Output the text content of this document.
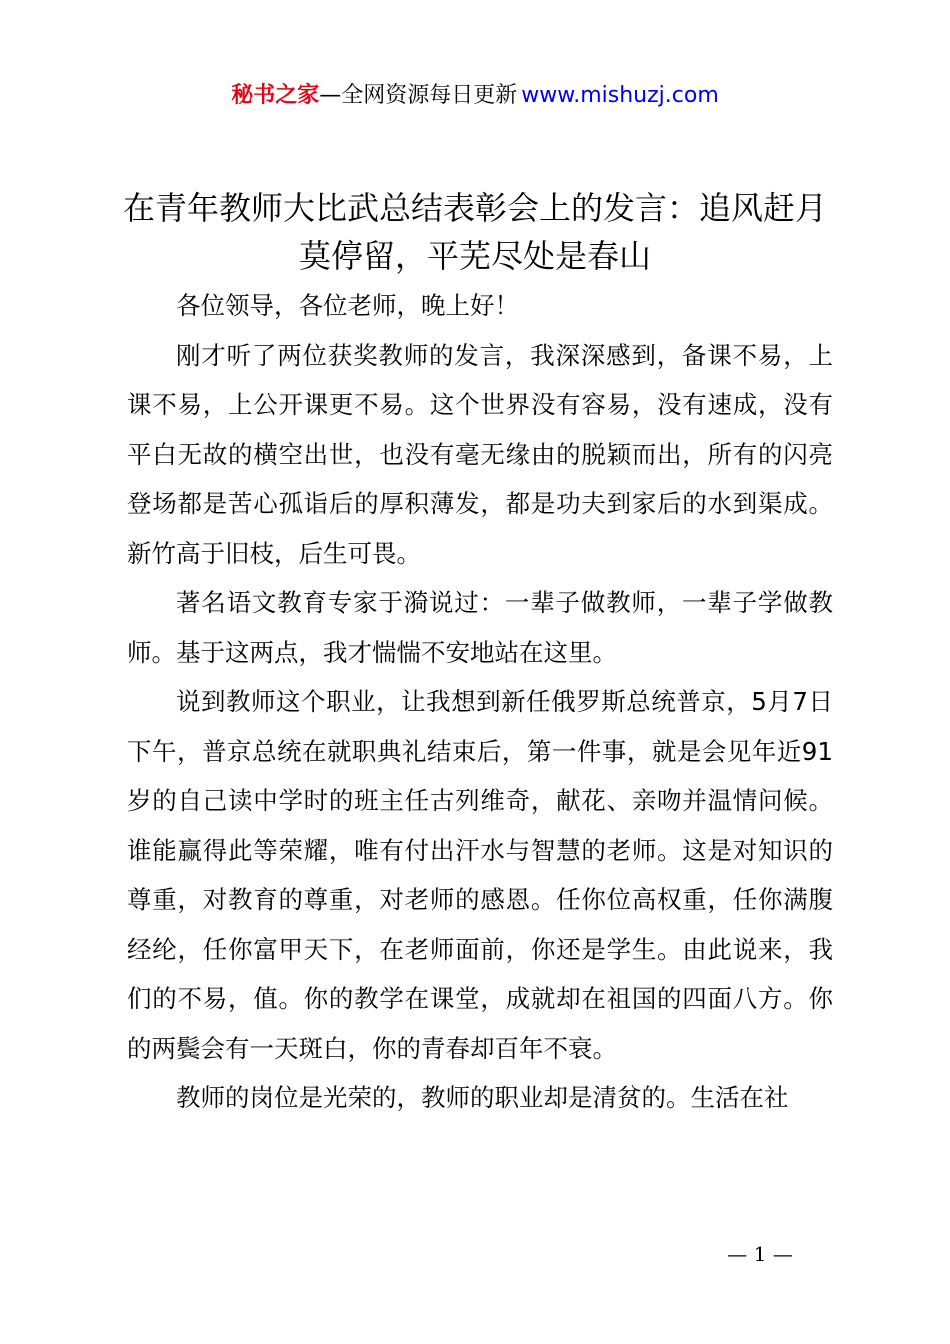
秘书之家—全网资源每日更新 www.mishuzj.com
在青年教师大比武总结表彰会上的发言：追风赶月莫停留，平芜尽处是春山

各位领导，各位老师，晚上好！

刚才听了两位获奖教师的发言，我深深感到，备课不易，上课不易，上公开课更不易。这个世界没有容易，没有速成，没有平白无故的横空出世，也没有毫无缘由的脱颖而出，所有的闪亮登场都是苦心孤诣后的厚积薄发，都是功夫到家后的水到渠成。新竹高于旧枝，后生可畏。

著名语文教育专家于漪说过：一辈子做教师，一辈子学做教师。基于这两点，我才惴惴不安地站在这里。

说到教师这个职业，让我想到新任俄罗斯总统普京，5月7日下午，普京总统在就职典礼结束后，第一件事，就是会见年近91岁的自己读中学时的班主任古列维奇，献花、亲吻并温情问候。谁能赢得此等荣耀，唯有付出汗水与智慧的老师。这是对知识的尊重，对教育的尊重，对老师的感恩。任你位高权重，任你满腹经纶，任你富甲天下，在老师面前，你还是学生。由此说来，我们的不易，值。你的教学在课堂，成就却在祖国的四面八方。你的两鬓会有一天斑白，你的青春却百年不衰。

教师的岗位是光荣的，教师的职业却是清贫的。生活在社

— 1 —
